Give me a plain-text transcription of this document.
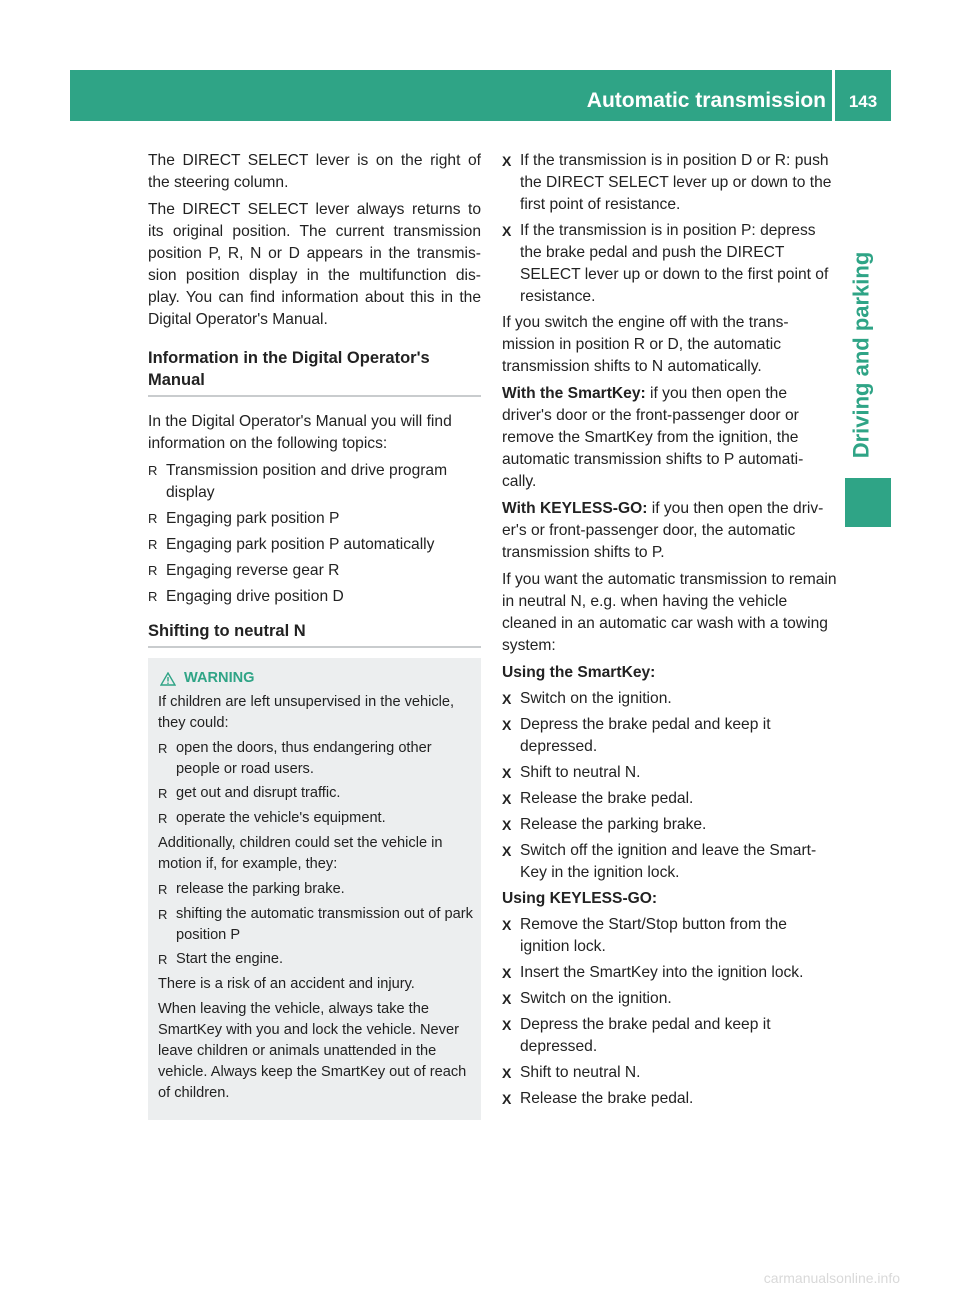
Automatic transmission	143
Driving and parking

The DIRECT SELECT lever is on the right of the steering column.

The DIRECT SELECT lever always returns to its original position. The current transmission position P, R, N or D appears in the transmis-sion position display in the multifunction dis-play. You can find information about this in the Digital Operator's Manual.

Information in the Digital Operator's Manual

In the Digital Operator's Manual you will find information on the following topics:

R Transmission position and drive program display
R Engaging park position P
R Engaging park position P automatically
R Engaging reverse gear R
R Engaging drive position D
Shifting to neutral N
WARNING

If children are left unsupervised in the vehicle, they could:

R open the doors, thus endangering other people or road users.
R get out and disrupt traffic.
R operate the vehicle's equipment.

Additionally, children could set the vehicle in motion if, for example, they:

R release the parking brake.
R shifting the automatic transmission out of park position P
R Start the engine.

There is a risk of an accident and injury.

When leaving the vehicle, always take the SmartKey with you and lock the vehicle. Never leave children or animals unattended in the vehicle. Always keep the SmartKey out of reach of children.

X If the transmission is in position D or R: push the DIRECT SELECT lever up or down to the first point of resistance.
X If the transmission is in position P: depress the brake pedal and push the DIRECT SELECT lever up or down to the first point of resistance.

If you switch the engine off with the trans-mission in position R or D, the automatic transmission shifts to N automatically.

With the SmartKey: if you then open the driver's door or the front-passenger door or remove the SmartKey from the ignition, the automatic transmission shifts to P automati-cally.

With KEYLESS-GO: if you then open the driv-er's or front-passenger door, the automatic transmission shifts to P.

If you want the automatic transmission to remain in neutral N, e.g. when having the vehicle cleaned in an automatic car wash with a towing system:

Using the SmartKey:
X Switch on the ignition.
X Depress the brake pedal and keep it depressed.
X Shift to neutral N.
X Release the brake pedal.
X Release the parking brake.
X Switch off the ignition and leave the Smart-Key in the ignition lock.
Using KEYLESS-GO:
X Remove the Start/Stop button from the ignition lock.
X Insert the SmartKey into the ignition lock.
X Switch on the ignition.
X Depress the brake pedal and keep it depressed.
X Shift to neutral N.
X Release the brake pedal.
carmanualsonline.info
